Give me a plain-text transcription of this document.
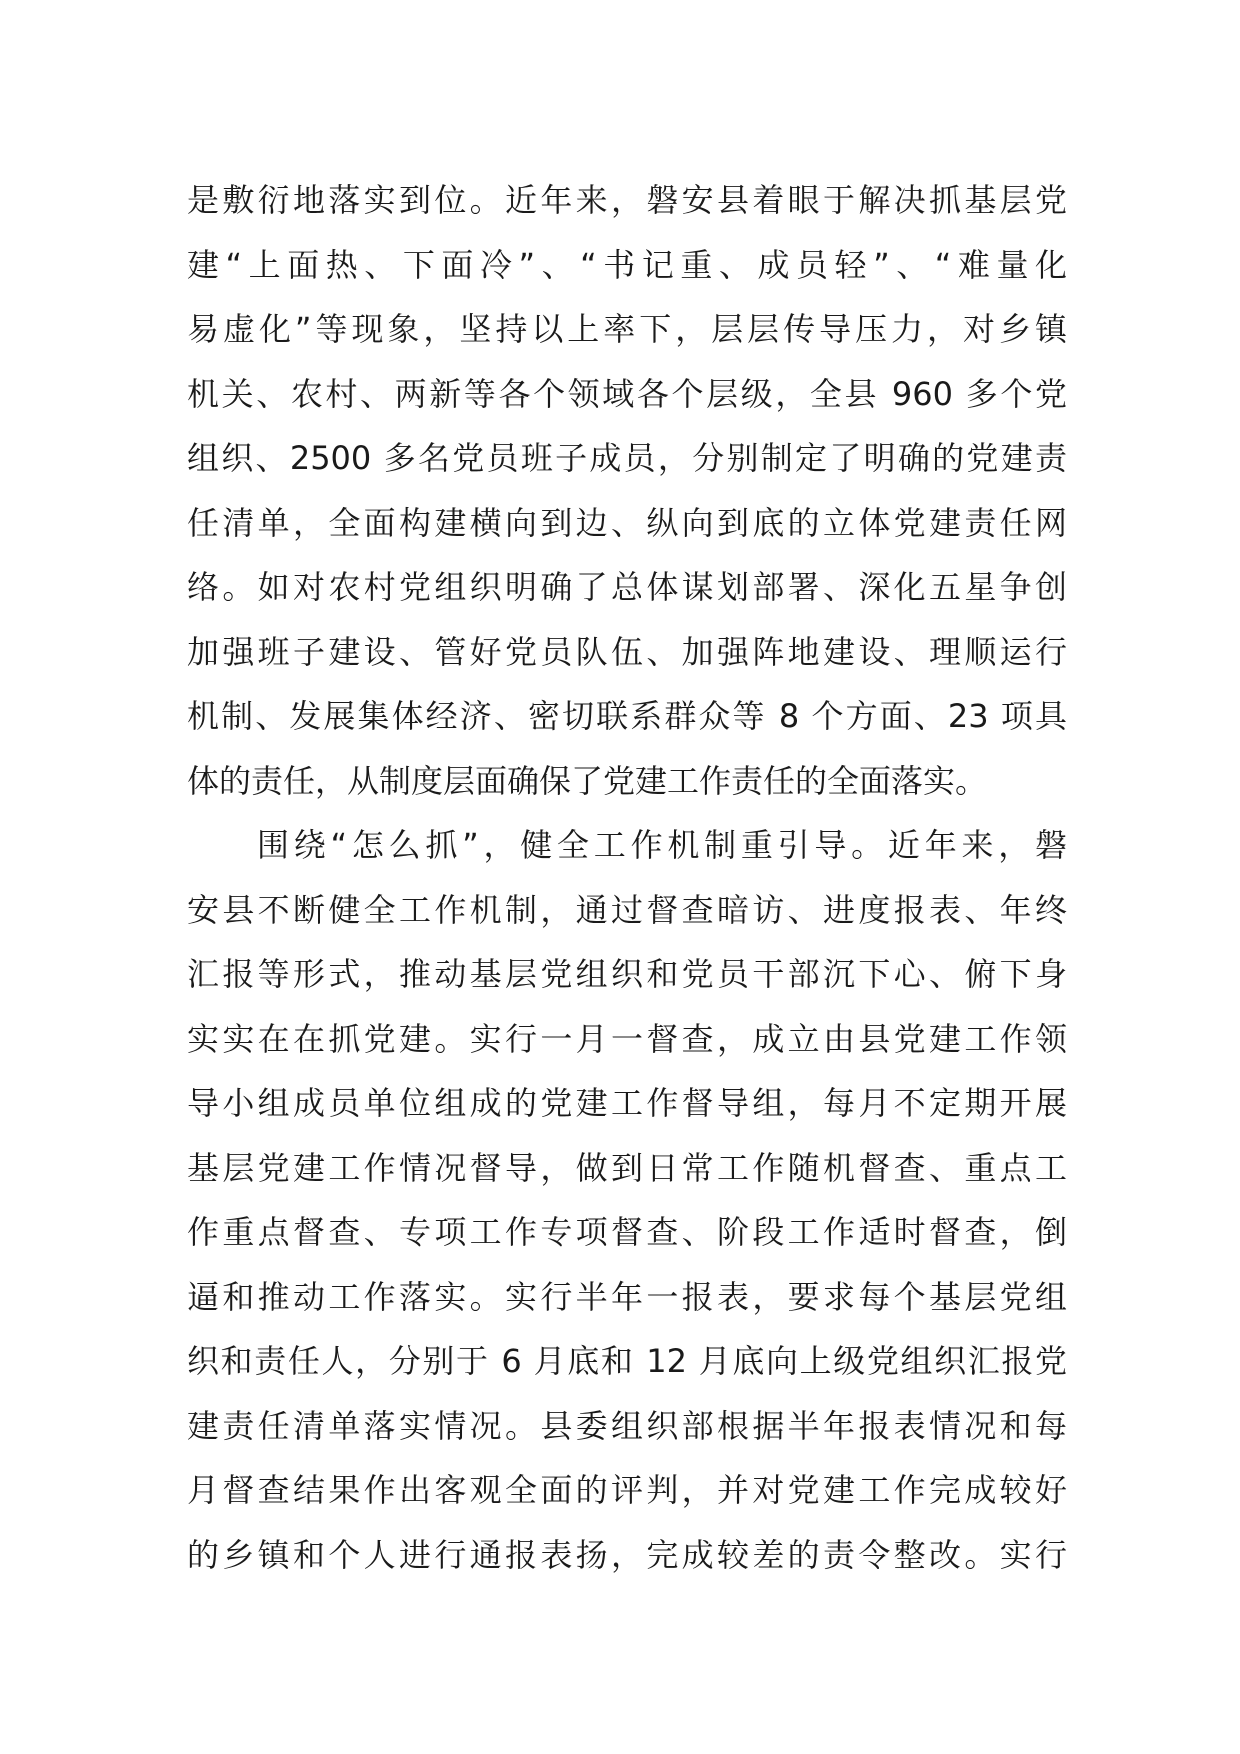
是敷衍地落实到位。近年来，磐安县着眼于解决抓基层党
建“上面热、下面冷”、“书记重、成员轻”、“难量化
易虚化”等现象，坚持以上率下，层层传导压力，对乡镇
机关、农村、两新等各个领域各个层级，全县 960 多个党
组织、2500 多名党员班子成员，分别制定了明确的党建责
任清单，全面构建横向到边、纵向到底的立体党建责任网
络。如对农村党组织明确了总体谋划部署、深化五星争创
加强班子建设、管好党员队伍、加强阵地建设、理顺运行
机制、发展集体经济、密切联系群众等 8 个方面、23 项具
体的责任，从制度层面确保了党建工作责任的全面落实。
围绕“怎么抓”，健全工作机制重引导。近年来，磐
安县不断健全工作机制，通过督查暗访、进度报表、年终
汇报等形式，推动基层党组织和党员干部沉下心、俯下身
实实在在抓党建。实行一月一督查，成立由县党建工作领
导小组成员单位组成的党建工作督导组，每月不定期开展
基层党建工作情况督导，做到日常工作随机督查、重点工
作重点督查、专项工作专项督查、阶段工作适时督查，倒
逼和推动工作落实。实行半年一报表，要求每个基层党组
织和责任人，分别于 6 月底和 12 月底向上级党组织汇报党
建责任清单落实情况。县委组织部根据半年报表情况和每
月督查结果作出客观全面的评判，并对党建工作完成较好
的乡镇和个人进行通报表扬，完成较差的责令整改。实行
